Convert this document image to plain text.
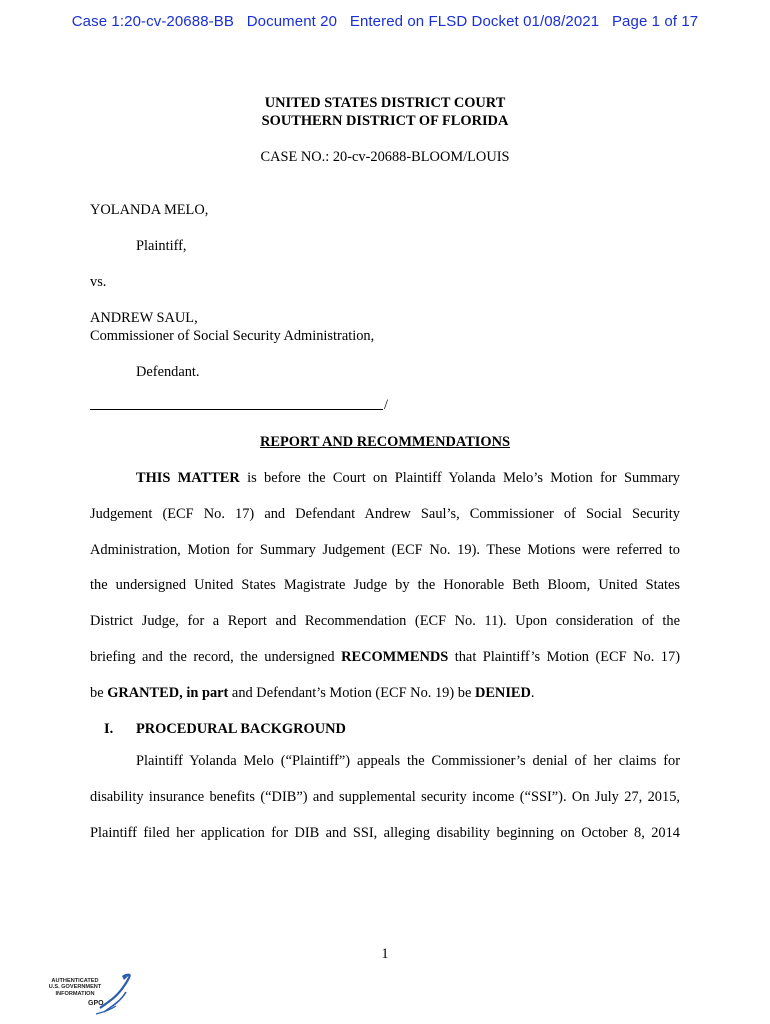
Case 1:20-cv-20688-BB   Document 20   Entered on FLSD Docket 01/08/2021   Page 1 of 17
UNITED STATES DISTRICT COURT
SOUTHERN DISTRICT OF FLORIDA
CASE NO.: 20-cv-20688-BLOOM/LOUIS
YOLANDA MELO,
Plaintiff,
vs.
ANDREW SAUL,
Commissioner of Social Security Administration,
Defendant.
/
REPORT AND RECOMMENDATIONS
THIS MATTER is before the Court on Plaintiff Yolanda Melo’s Motion for Summary
Judgement (ECF No. 17) and Defendant Andrew Saul’s, Commissioner of Social Security
Administration, Motion for Summary Judgement (ECF No. 19). These Motions were referred to
the undersigned United States Magistrate Judge by the Honorable Beth Bloom, United States
District Judge, for a Report and Recommendation (ECF No. 11). Upon consideration of the
briefing and the record, the undersigned RECOMMENDS that Plaintiff’s Motion (ECF No. 17)
be GRANTED, in part and Defendant’s Motion (ECF No. 19) be DENIED.
I. PROCEDURAL BACKGROUND
Plaintiff Yolanda Melo (“Plaintiff”) appeals the Commissioner’s denial of her claims for
disability insurance benefits (“DIB”) and supplemental security income (“SSI”). On July 27, 2015,
Plaintiff filed her application for DIB and SSI, alleging disability beginning on October 8, 2014
1
AUTHENTICATED
U.S. GOVERNMENT
INFORMATION
GPO
